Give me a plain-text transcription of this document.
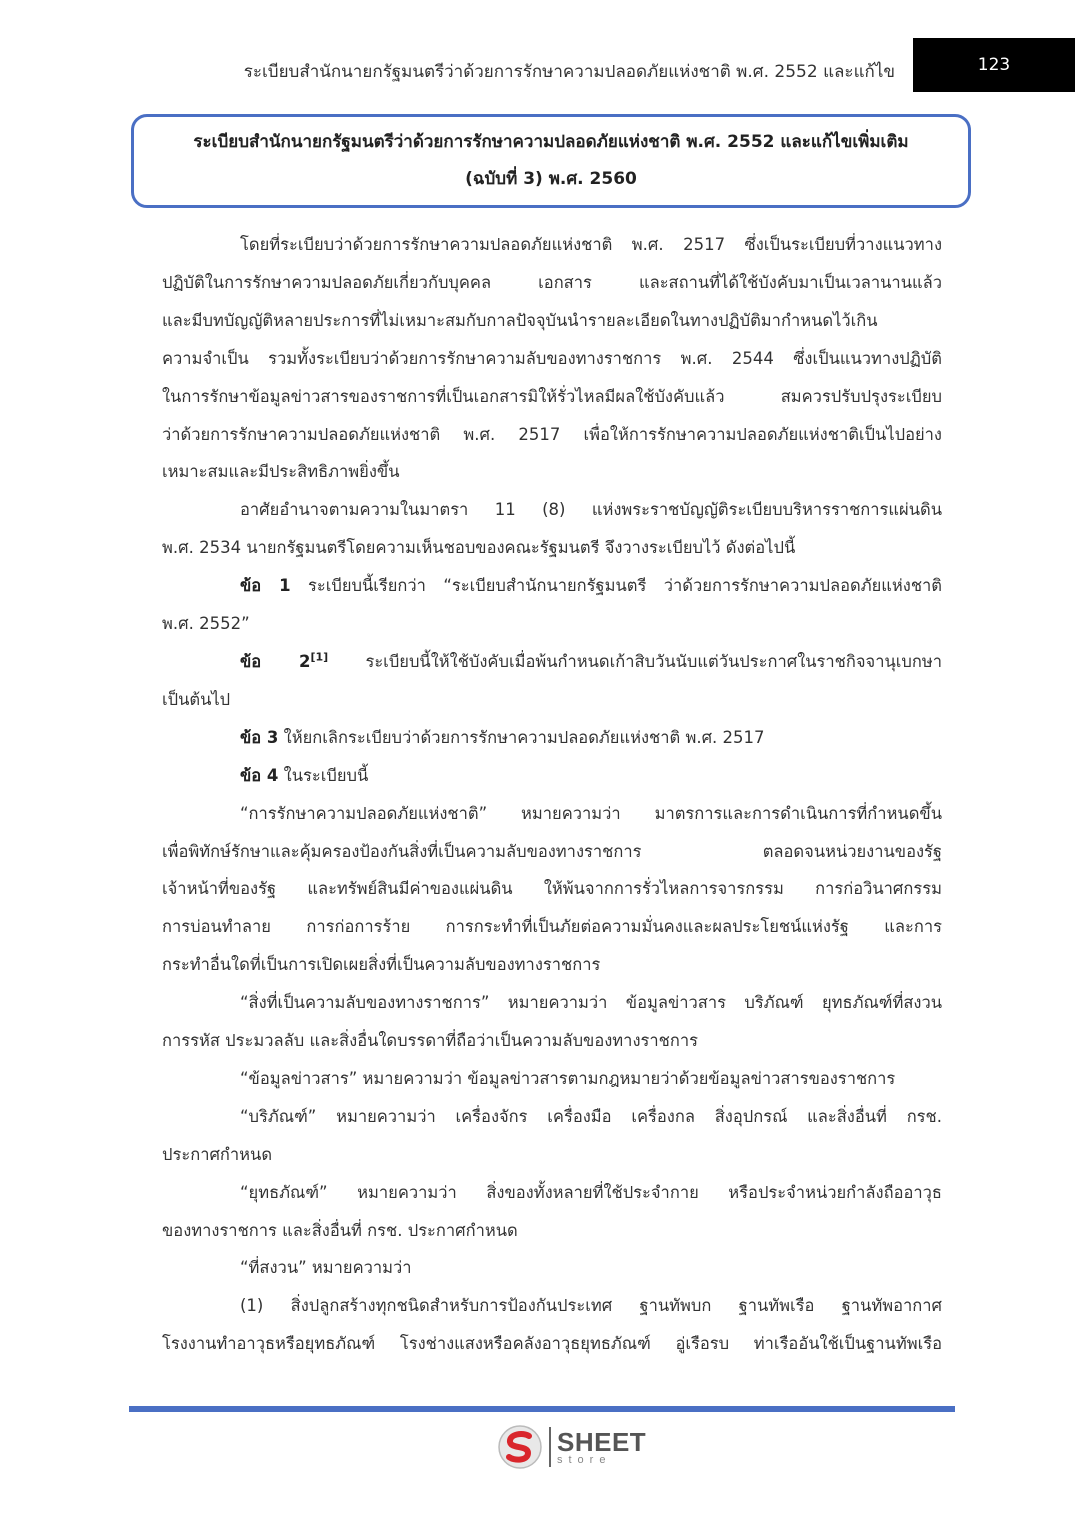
ระเบียบสำนักนายกรัฐมนตรีว่าด้วยการรักษาความปลอดภัยแห่งชาติ พ.ศ. 2552 และแก้ไข	123
ระเบียบสำนักนายกรัฐมนตรีว่าด้วยการรักษาความปลอดภัยแห่งชาติ พ.ศ. 2552 และแก้ไขเพิ่มเติม
(ฉบับที่ 3) พ.ศ. 2560

โดยที่ระเบียบว่าด้วยการรักษาความปลอดภัยแห่งชาติ พ.ศ. 2517 ซึ่งเป็นระเบียบที่วางแนวทาง

ปฏิบัติในการรักษาความปลอดภัยเกี่ยวกับบุคคล เอกสาร และสถานที่ได้ใช้บังคับมาเป็นเวลานานแล้ว

และมีบทบัญญัติหลายประการที่ไม่เหมาะสมกับกาลปัจจุบันนำรายละเอียดในทางปฏิบัติมากำหนดไว้เกิน

ความจำเป็น รวมทั้งระเบียบว่าด้วยการรักษาความลับของทางราชการ พ.ศ. 2544 ซึ่งเป็นแนวทางปฏิบัติ

ในการรักษาข้อมูลข่าวสารของราชการที่เป็นเอกสารมิให้รั่วไหลมีผลใช้บังคับแล้ว สมควรปรับปรุงระเบียบ

ว่าด้วยการรักษาความปลอดภัยแห่งชาติ พ.ศ. 2517 เพื่อให้การรักษาความปลอดภัยแห่งชาติเป็นไปอย่าง

เหมาะสมและมีประสิทธิภาพยิ่งขึ้น

อาศัยอำนาจตามความในมาตรา 11 (8) แห่งพระราชบัญญัติระเบียบบริหารราชการแผ่นดิน

พ.ศ. 2534 นายกรัฐมนตรีโดยความเห็นชอบของคณะรัฐมนตรี จึงวางระเบียบไว้ ดังต่อไปนี้

ข้อ 1 ระเบียบนี้เรียกว่า “ระเบียบสำนักนายกรัฐมนตรี ว่าด้วยการรักษาความปลอดภัยแห่งชาติ

พ.ศ. 2552”

ข้อ 2[1] ระเบียบนี้ให้ใช้บังคับเมื่อพ้นกำหนดเก้าสิบวันนับแต่วันประกาศในราชกิจจานุเบกษา

เป็นต้นไป

ข้อ 3 ให้ยกเลิกระเบียบว่าด้วยการรักษาความปลอดภัยแห่งชาติ พ.ศ. 2517

ข้อ 4 ในระเบียบนี้

“การรักษาความปลอดภัยแห่งชาติ” หมายความว่า มาตรการและการดำเนินการที่กำหนดขึ้น

เพื่อพิทักษ์รักษาและคุ้มครองป้องกันสิ่งที่เป็นความลับของทางราชการ ตลอดจนหน่วยงานของรัฐ

เจ้าหน้าที่ของรัฐ และทรัพย์สินมีค่าของแผ่นดิน ให้พ้นจากการรั่วไหลการจารกรรม การก่อวินาศกรรม

การบ่อนทำลาย การก่อการร้าย การกระทำที่เป็นภัยต่อความมั่นคงและผลประโยชน์แห่งรัฐ และการ

กระทำอื่นใดที่เป็นการเปิดเผยสิ่งที่เป็นความลับของทางราชการ

“สิ่งที่เป็นความลับของทางราชการ” หมายความว่า ข้อมูลข่าวสาร บริภัณฑ์ ยุทธภัณฑ์ที่สงวน

การรหัส ประมวลลับ และสิ่งอื่นใดบรรดาที่ถือว่าเป็นความลับของทางราชการ

“ข้อมูลข่าวสาร” หมายความว่า ข้อมูลข่าวสารตามกฎหมายว่าด้วยข้อมูลข่าวสารของราชการ

“บริภัณฑ์” หมายความว่า เครื่องจักร เครื่องมือ เครื่องกล สิ่งอุปกรณ์ และสิ่งอื่นที่ กรช.

ประกาศกำหนด

“ยุทธภัณฑ์” หมายความว่า สิ่งของทั้งหลายที่ใช้ประจำกาย หรือประจำหน่วยกำลังถืออาวุธ

ของทางราชการ และสิ่งอื่นที่ กรช. ประกาศกำหนด

“ที่สงวน” หมายความว่า

(1) สิ่งปลูกสร้างทุกชนิดสำหรับการป้องกันประเทศ ฐานทัพบก ฐานทัพเรือ ฐานทัพอากาศ

โรงงานทำอาวุธหรือยุทธภัณฑ์ โรงช่างแสงหรือคลังอาวุธยุทธภัณฑ์ อู่เรือรบ ท่าเรืออันใช้เป็นฐานทัพเรือ

SHEET
store
